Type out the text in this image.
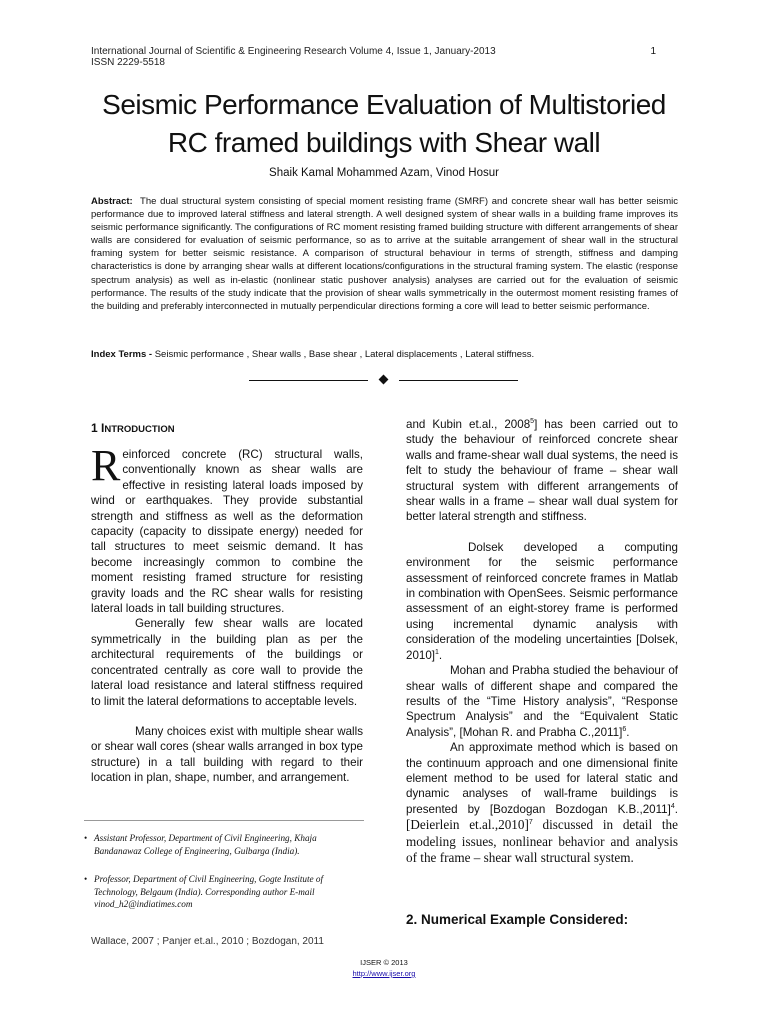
International Journal of Scientific & Engineering Research Volume 4, Issue 1, January-2013
ISSN 2229-5518
1
Seismic Performance Evaluation of Multistoried
RC framed buildings with Shear wall
Shaik Kamal Mohammed Azam, Vinod Hosur
Abstract: The dual structural system consisting of special moment resisting frame (SMRF) and concrete shear wall has better seismic performance due to improved lateral stiffness and lateral strength. A well designed system of shear walls in a building frame improves its seismic performance significantly. The configurations of RC moment resisting framed building structure with different arrangements of shear walls are considered for evaluation of seismic performance, so as to arrive at the suitable arrangement of shear wall in the structural framing system for better seismic resistance. A comparison of structural behaviour in terms of strength, stiffness and damping characteristics is done by arranging shear walls at different locations/configurations in the structural framing system. The elastic (response spectrum analysis) as well as in-elastic (nonlinear static pushover analysis) analyses are carried out for the evaluation of seismic performance. The results of the study indicate that the provision of shear walls symmetrically in the outermost moment resisting frames of the building and preferably interconnected in mutually perpendicular directions forming a core will lead to better seismic performance.
Index Terms - Seismic performance , Shear walls , Base shear , Lateral displacements , Lateral stiffness.
1 INTRODUCTION

Reinforced concrete (RC) structural walls, conventionally known as shear walls are effective in resisting lateral loads imposed by wind or earthquakes. They provide substantial strength and stiffness as well as the deformation capacity (capacity to dissipate energy) needed for tall structures to meet seismic demand. It has become increasingly common to combine the moment resisting framed structure for resisting gravity loads and the RC shear walls for resisting lateral loads in tall building structures.

Generally few shear walls are located symmetrically in the building plan as per the architectural requirements of the buildings or concentrated centrally as core wall to provide the lateral load resistance and lateral stiffness required to limit the lateral deformations to acceptable levels.

Many choices exist with multiple shear walls or shear wall cores (shear walls arranged in box type structure) in a tall building with regard to their location in plan, shape, number, and arrangement.

• Assistant Professor, Department of Civil Engineering, Khaja Bandanawaz College of Engineering, Gulbarga (India).
• Professor, Department of Civil Engineering, Gogte Institute of Technology, Belgaum (India). Corresponding author E-mail vinod_h2@indiatimes.com

and Kubin et.al., 2008$^5$] has been carried out to study the behaviour of reinforced concrete shear walls and frame-shear wall dual systems, the need is felt to study the behaviour of frame – shear wall structural system with different arrangements of shear walls in a frame – shear wall dual system for better lateral strength and stiffness.

Dolsek developed a computing environment for the seismic performance assessment of reinforced concrete frames in Matlab in combination with OpenSees. Seismic performance assessment of an eight-storey frame is performed using incremental dynamic analysis with consideration of the modeling uncertainties [Dolsek, 2010]$^1$.

Mohan and Prabha studied the behaviour of shear walls of different shape and compared the results of the “Time History analysis”, “Response Spectrum Analysis” and the “Equivalent Static Analysis”, [Mohan R. and Prabha C.,2011]$^6$.

An approximate method which is based on the continuum approach and one dimensional finite element method to be used for lateral static and dynamic analyses of wall-frame buildings is presented by [Bozdogan Bozdogan K.B.,2011]$^4$. [Deierlein et.al.,2010]$^7$ discussed in detail the modeling issues, nonlinear behavior and analysis of the frame – shear wall structural system.

2. Numerical Example Considered:
Wallace, 2007 ; Panjer et.al., 2010 ; Bozdogan, 2011
IJSER © 2013
http://www.ijser.org
